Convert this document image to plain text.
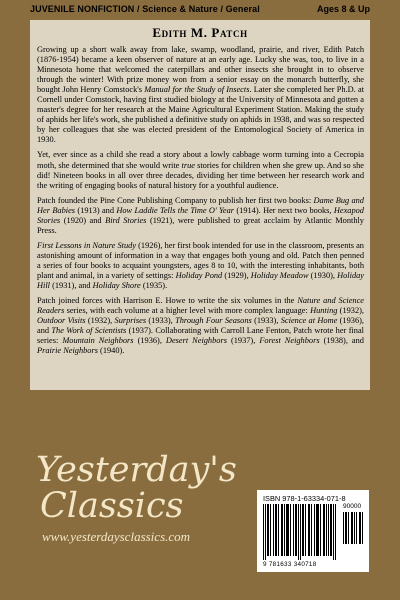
JUVENILE NONFICTION / Science & Nature / General	Ages 8 & Up
Edith M. Patch

Growing up a short walk away from lake, swamp, woodland, prairie, and river, Edith Patch (1876-1954) became a keen observer of nature at an early age. Lucky she was, too, to live in a Minnesota home that welcomed the caterpillars and other insects she brought in to observe through the winter! With prize money won from a senior essay on the monarch butterfly, she bought John Henry Comstock's Manual for the Study of Insects. Later she completed her Ph.D. at Cornell under Comstock, having first studied biology at the University of Minnesota and gotten a master's degree for her research at the Maine Agricultural Experiment Station. Making the study of aphids her life's work, she published a definitive study on aphids in 1938, and was so respected by her colleagues that she was elected president of the Entomological Society of America in 1930.

Yet, ever since as a child she read a story about a lowly cabbage worm turning into a Cecropia moth, she determined that she would write true stories for children when she grew up. And so she did! Nineteen books in all over three decades, dividing her time between her research work and the writing of engaging books of natural history for a youthful audience.

Patch founded the Pine Cone Publishing Company to publish her first two books: Dame Bug and Her Babies (1913) and How Laddie Tells the Time O' Year (1914). Her next two books, Hexapod Stories (1920) and Bird Stories (1921), were published to great acclaim by Atlantic Monthly Press.

First Lessons in Nature Study (1926), her first book intended for use in the classroom, presents an astonishing amount of information in a way that engages both young and old. Patch then penned a series of four books to acquaint youngsters, ages 8 to 10, with the interesting inhabitants, both plant and animal, in a variety of settings: Holiday Pond (1929), Holiday Meadow (1930), Holiday Hill (1931), and Holiday Shore (1935).

Patch joined forces with Harrison E. Howe to write the six volumes in the Nature and Science Readers series, with each volume at a higher level with more complex language: Hunting (1932), Outdoor Visits (1932), Surprises (1933), Through Four Seasons (1933), Science at Home (1936), and The Work of Scientists (1937). Collaborating with Carroll Lane Fenton, Patch wrote her final series: Mountain Neighbors (1936), Desert Neighbors (1937), Forest Neighbors (1938), and Prairie Neighbors (1940).

Yesterday's
Classics
www.yesterdaysclassics.com
ISBN 978-1-63334-071-8
90000
9 781633 340718
